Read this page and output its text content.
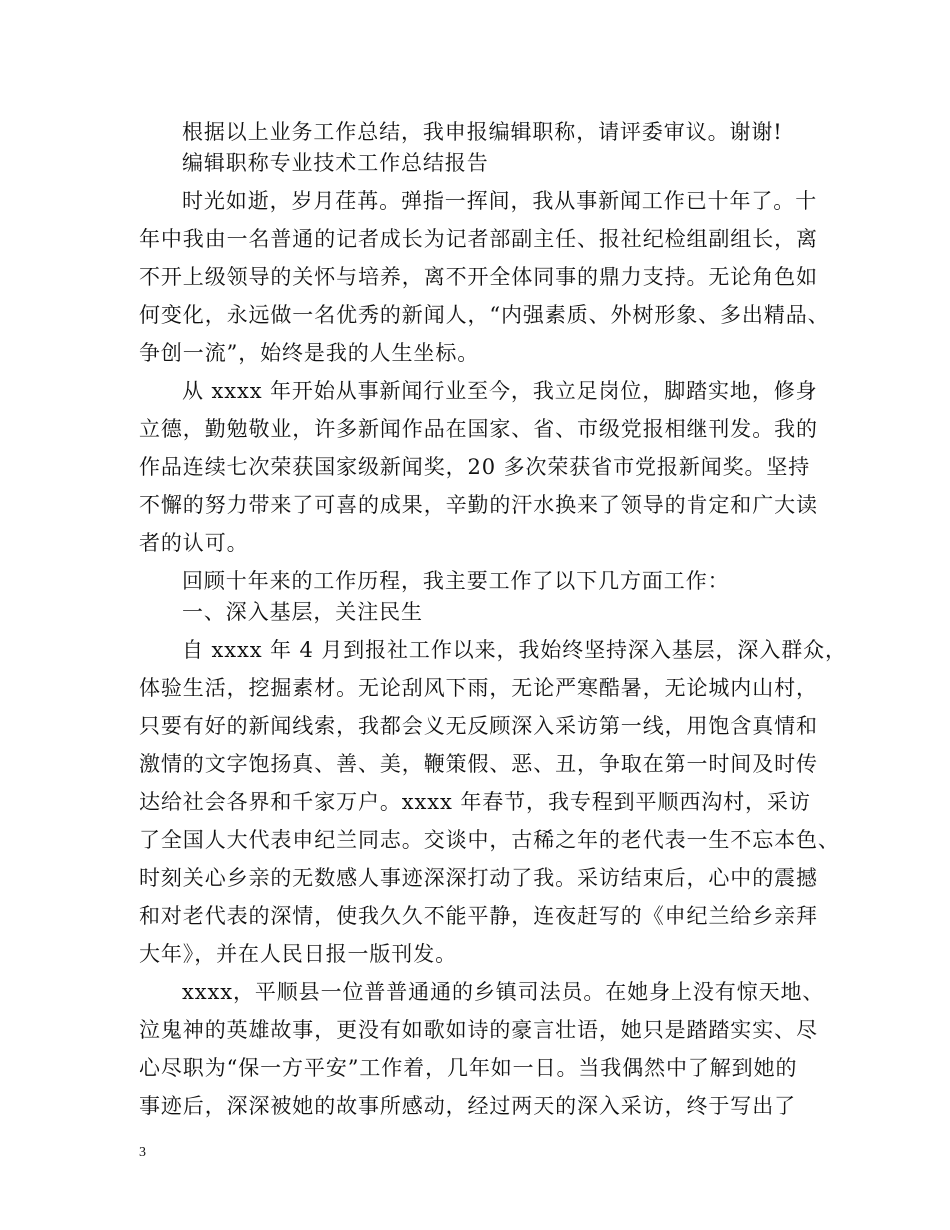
根据以上业务工作总结，我申报编辑职称，请评委审议。谢谢!
编辑职称专业技术工作总结报告
时光如逝，岁月荏苒。弹指一挥间，我从事新闻工作已十年了。十
年中我由一名普通的记者成长为记者部副主任、报社纪检组副组长，离
不开上级领导的关怀与培养，离不开全体同事的鼎力支持。无论角色如
何变化，永远做一名优秀的新闻人，“内强素质、外树形象、多出精品、
争创一流”，始终是我的人生坐标。
从 xxxx 年开始从事新闻行业至今，我立足岗位，脚踏实地，修身
立德，勤勉敬业，许多新闻作品在国家、省、市级党报相继刊发。我的
作品连续七次荣获国家级新闻奖，20 多次荣获省市党报新闻奖。坚持
不懈的努力带来了可喜的成果，辛勤的汗水换来了领导的肯定和广大读
者的认可。
回顾十年来的工作历程，我主要工作了以下几方面工作：
一、深入基层，关注民生
自 xxxx 年 4 月到报社工作以来，我始终坚持深入基层，深入群众，
体验生活，挖掘素材。无论刮风下雨，无论严寒酷暑，无论城内山村，
只要有好的新闻线索，我都会义无反顾深入采访第一线，用饱含真情和
激情的文字饱扬真、善、美，鞭策假、恶、丑，争取在第一时间及时传
达给社会各界和千家万户。xxxx 年春节，我专程到平顺西沟村，采访
了全国人大代表申纪兰同志。交谈中，古稀之年的老代表一生不忘本色、
时刻关心乡亲的无数感人事迹深深打动了我。采访结束后，心中的震撼
和对老代表的深情，使我久久不能平静，连夜赶写的《申纪兰给乡亲拜
大年》，并在人民日报一版刊发。
xxxx，平顺县一位普普通通的乡镇司法员。在她身上没有惊天地、
泣鬼神的英雄故事，更没有如歌如诗的豪言壮语，她只是踏踏实实、尽
心尽职为“保一方平安”工作着，几年如一日。当我偶然中了解到她的
事迹后，深深被她的故事所感动，经过两天的深入采访，终于写出了
3
